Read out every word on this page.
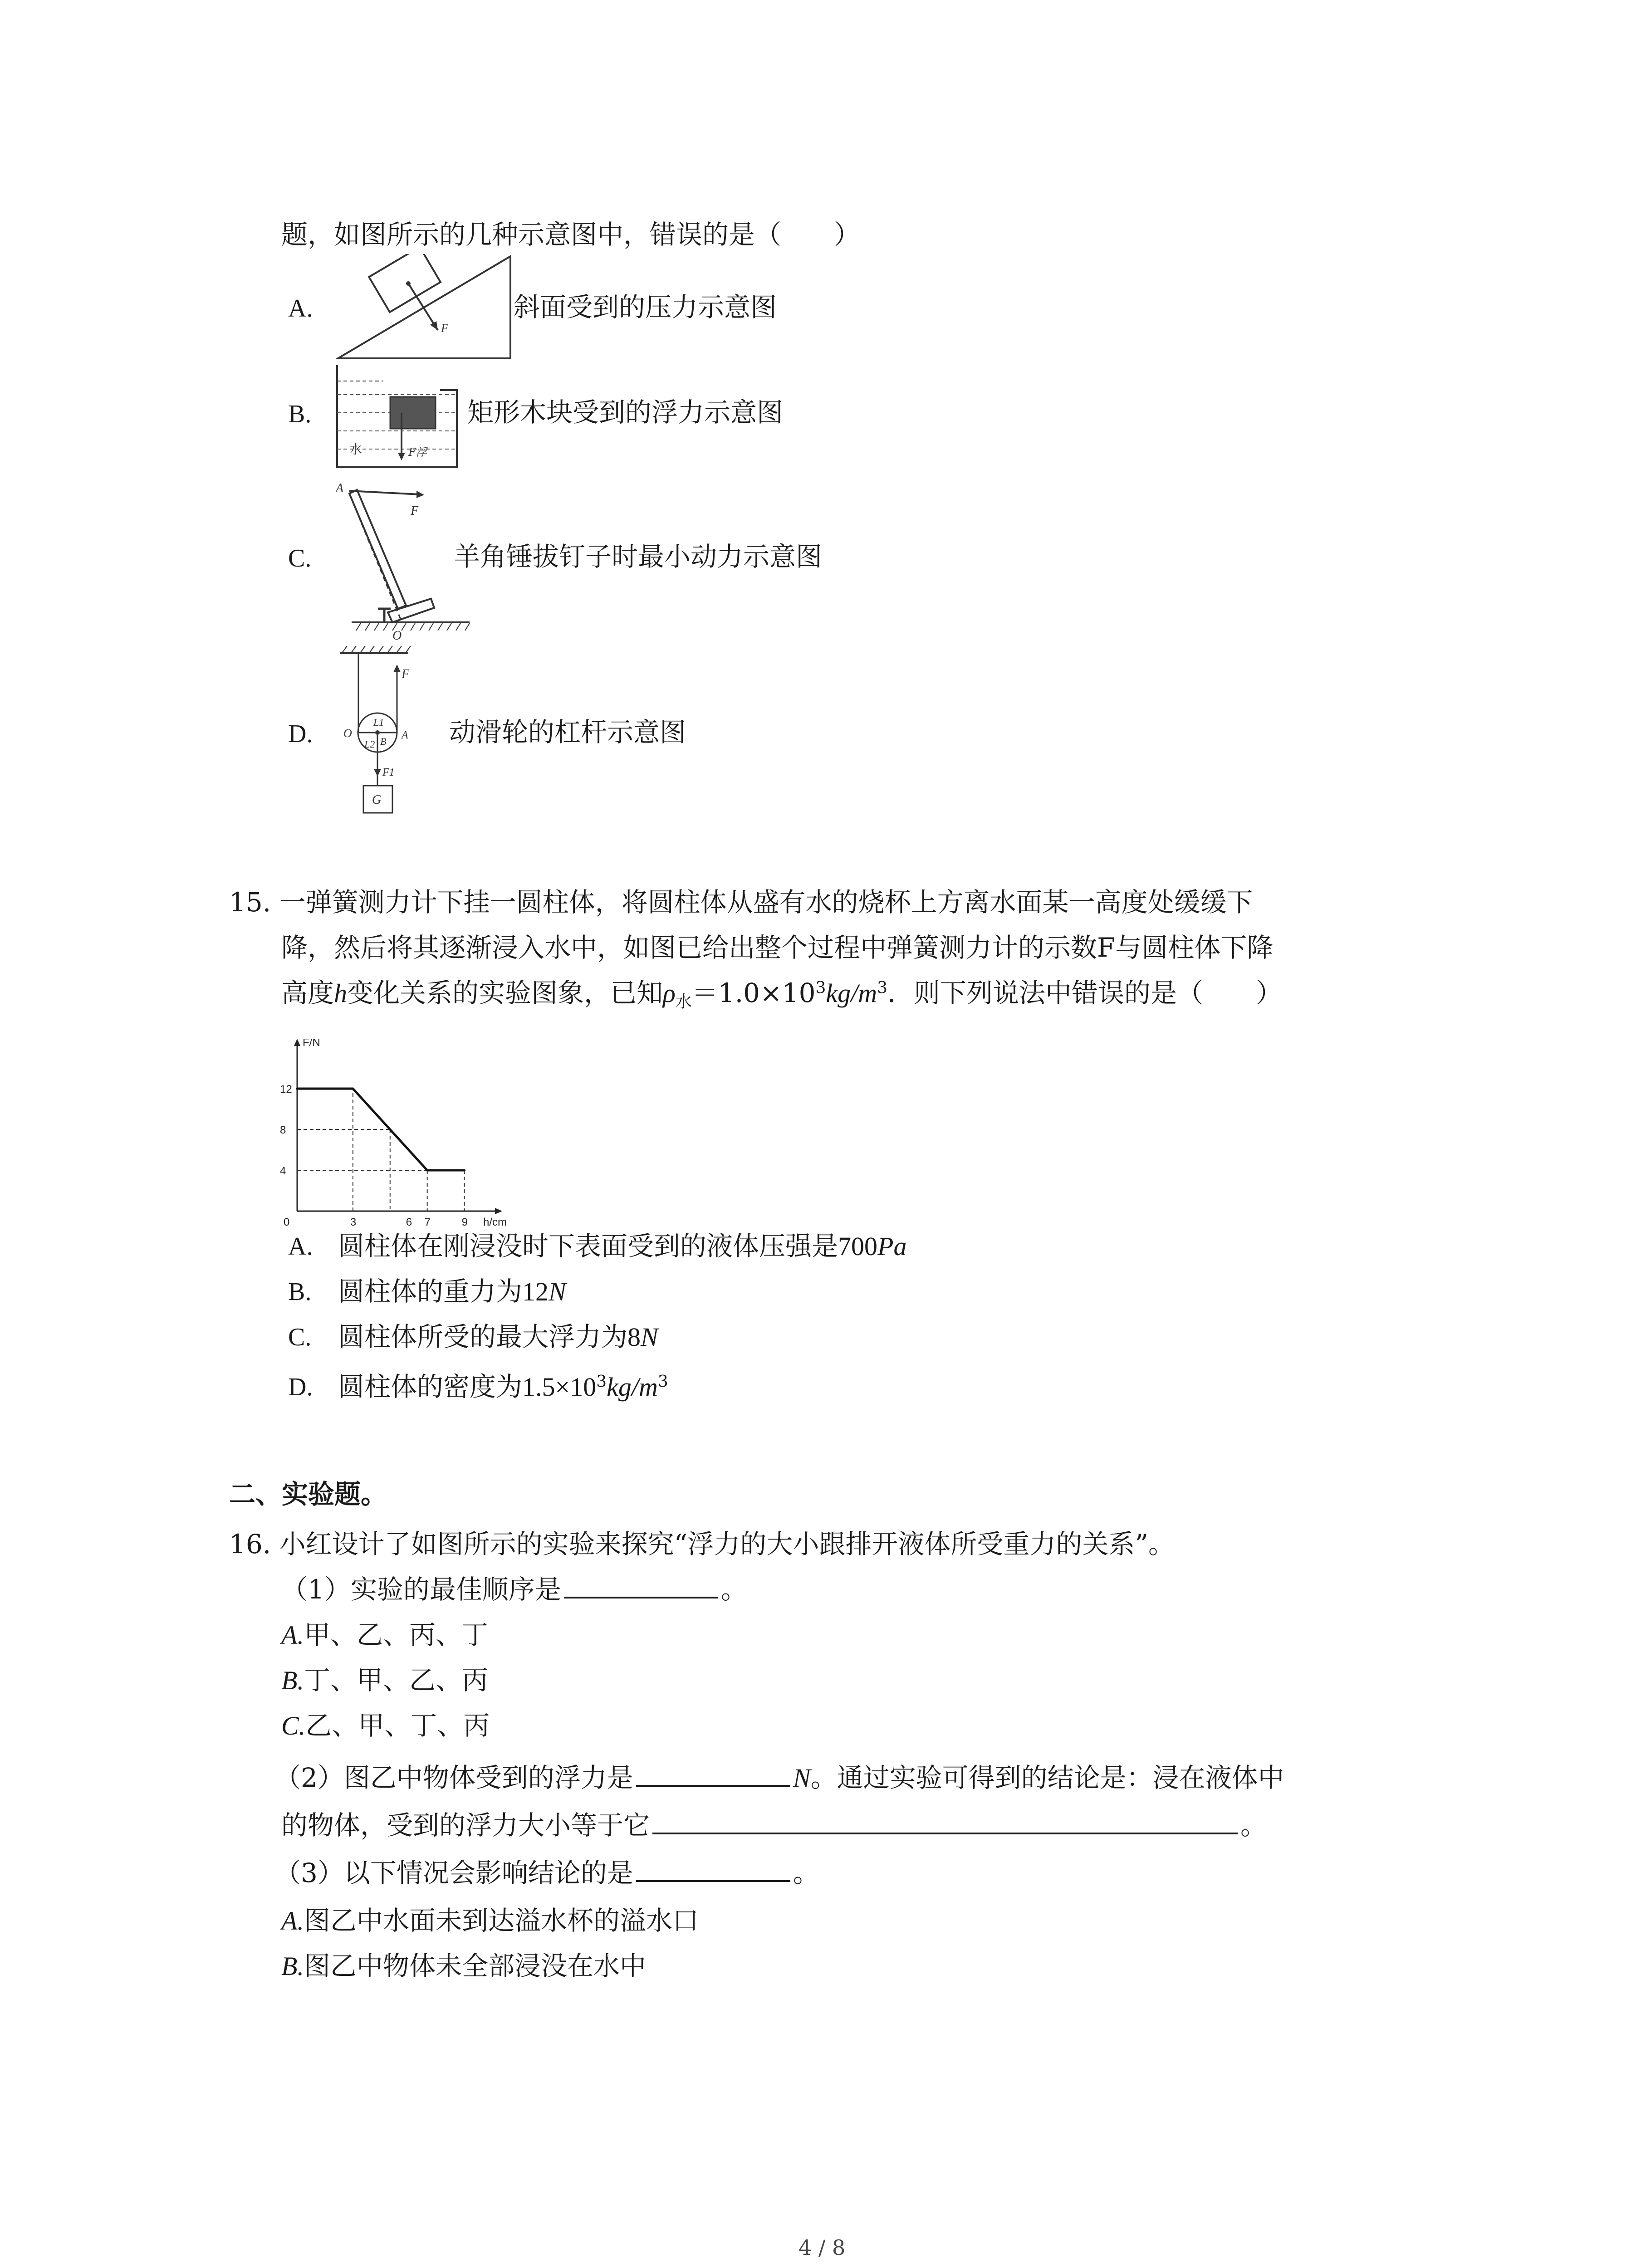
题，如图所示的几种示意图中，错误的是（　　）
A.
F
斜面受到的压力示意图
B.
水	F浮
矩形木块受到的浮力示意图
C.
A
F
O
羊角锤拔钉子时最小动力示意图
D.
F
O
L1
L2 B
A
F1
G
动滑轮的杠杆示意图
15. 一弹簧测力计下挂一圆柱体，将圆柱体从盛有水的烧杯上方离水面某一高度处缓缓下
降，然后将其逐渐浸入水中，如图已给出整个过程中弹簧测力计的示数F与圆柱体下降
高度h变化关系的实验图象，已知$\rho_水=1.0\times 10^3kg/m^3$．则下列说法中错误的是（　　）
F/N
h/cm
0	3	6 7	9
4
8
12
A. 圆柱体在刚浸没时下表面受到的液体压强是700Pa
B. 圆柱体的重力为12N
C. 圆柱体所受的最大浮力为8N
D. 圆柱体的密度为$1.5\times 10^3kg/m^3$
二、实验题。
16. 小红设计了如图所示的实验来探究“浮力的大小跟排开液体所受重力的关系”。
（1）实验的最佳顺序是	。
A.甲、乙、丙、丁
B.丁、甲、乙、丙
C.乙、甲、丁、丙
（2）图乙中物体受到的浮力是	N。通过实验可得到的结论是：浸在液体中
的物体，受到的浮力大小等于它	。
（3）以下情况会影响结论的是	。
A.图乙中水面未到达溢水杯的溢水口
B.图乙中物体未全部浸没在水中
4 / 8
